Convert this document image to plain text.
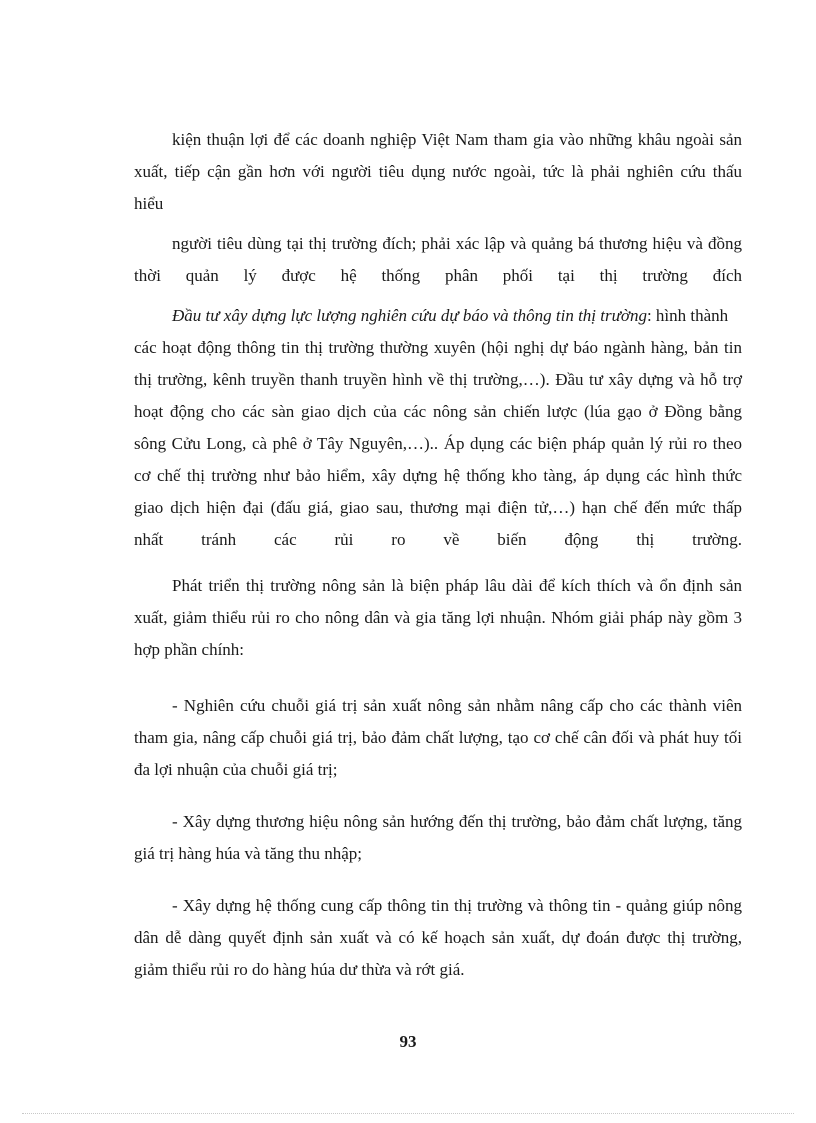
kiện thuận lợi để các doanh nghiệp Việt Nam tham gia vào những khâu ngoài sản
xuất, tiếp cận gần hơn với người tiêu dụng nước ngoài, tức là phải nghiên cứu thấu
hiểu
người tiêu dùng tại thị trường đích; phải xác lập và quảng bá thương hiệu và đồng
thời quản lý được hệ thống phân phối tại thị trường đích
Đầu tư xây dựng lực lượng nghiên cứu dự báo và thông tin thị trường: hình thành
các hoạt động thông tin thị trường thường xuyên (hội nghị dự báo ngành hàng, bản tin
thị trường, kênh truyền thanh truyền hình về thị trường,…). Đầu tư xây dựng và hỗ trợ
hoạt động cho các sàn giao dịch của các nông sản chiến lược (lúa gạo ở Đồng bằng
sông Cửu Long, cà phê ở Tây Nguyên,…).. Áp dụng các biện pháp quản lý rủi ro theo
cơ chế thị trường như bảo hiểm, xây dựng hệ thống kho tàng, áp dụng các hình thức
giao dịch hiện đại (đấu giá, giao sau, thương mại điện tử,…) hạn chế đến mức thấp
nhất tránh các rủi ro về biến động thị trường.
Phát triển thị trường nông sản là biện pháp lâu dài để kích thích và ổn định sản
xuất, giảm thiểu rủi ro cho nông dân và gia tăng lợi nhuận. Nhóm giải pháp này gồm 3
hợp phần chính:
- Nghiên cứu chuỗi giá trị sản xuất nông sản nhằm nâng cấp cho các thành viên
tham gia, nâng cấp chuỗi giá trị, bảo đảm chất lượng, tạo cơ chế cân đối và phát huy tối
đa lợi nhuận của chuỗi giá trị;
- Xây dựng thương hiệu nông sản hướng đến thị trường, bảo đảm chất lượng, tăng
giá trị hàng húa và tăng thu nhập;
- Xây dựng hệ thống cung cấp thông tin thị trường và thông tin - quảng giúp nông
dân dễ dàng quyết định sản xuất và có kế hoạch sản xuất, dự đoán được thị trường,
giảm thiểu rủi ro do hàng húa dư thừa và rớt giá.
93
